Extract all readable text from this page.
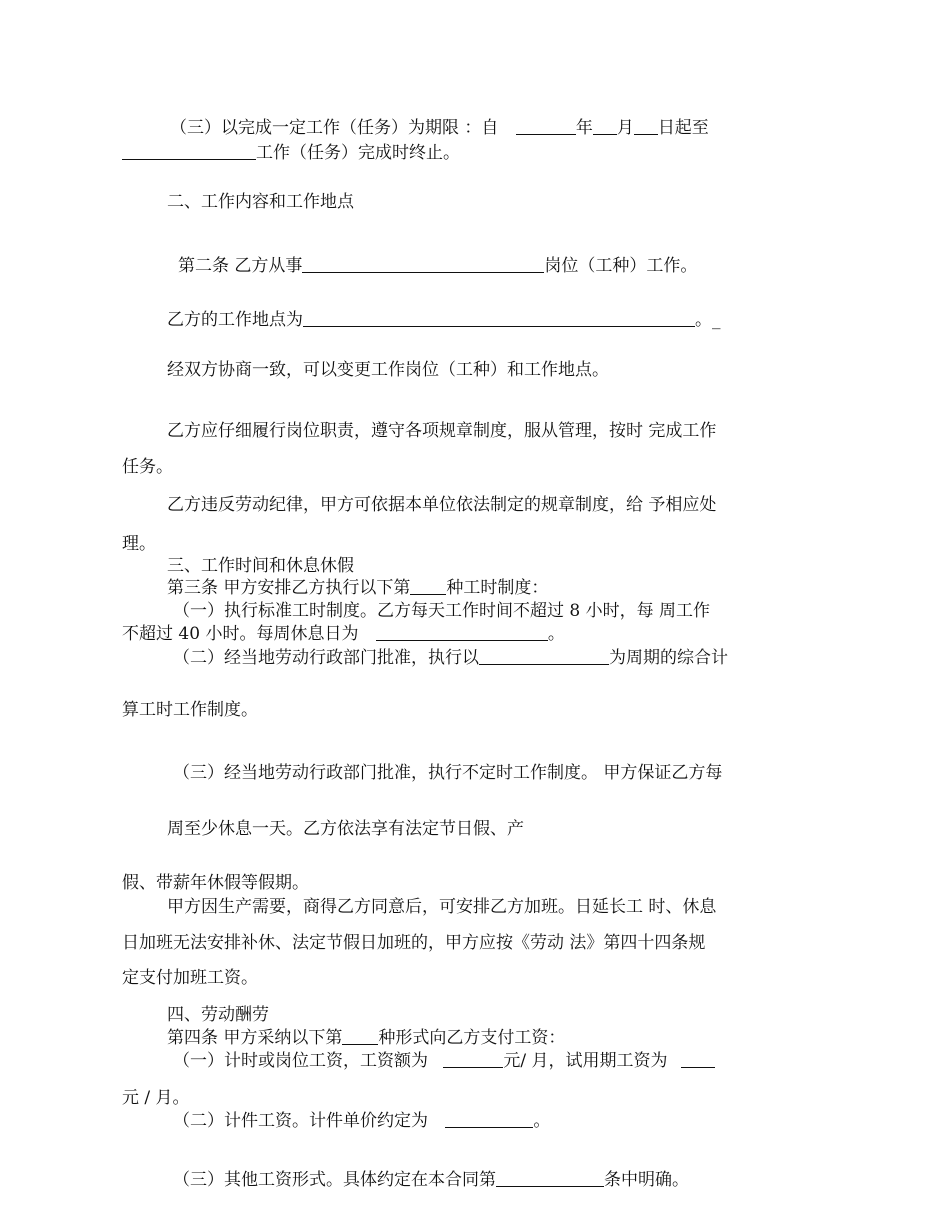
（三）以完成一定工作（任务）为期限 ：自	年 月 日起至
工作（任务）完成时终止。
二、工作内容和工作地点
第二条 乙方从事	岗位（工种）工作。
乙方的工作地点为	。_
经双方协商一致，可以变更工作岗位（工种）和工作地点。
乙方应仔细履行岗位职责，遵守各项规章制度，服从管理，按时 完成工作
任务。
乙方违反劳动纪律，甲方可依据本单位依法制定的规章制度，给 予相应处
理。
三、工作时间和休息休假
第三条 甲方安排乙方执行以下第 种工时制度：
（一）执行标准工时制度。乙方每天工作时间不超过 8 小时，每 周工作
不超过 40 小时。每周休息日为	。
（二）经当地劳动行政部门批准，执行以	为周期的综合计
算工时工作制度。
（三）经当地劳动行政部门批准，执行不定时工作制度。 甲方保证乙方每
周至少休息一天。乙方依法享有法定节日假、产
假、带薪年休假等假期。
甲方因生产需要，商得乙方同意后，可安排乙方加班。日延长工 时、休息
日加班无法安排补休、法定节假日加班的，甲方应按《劳动 法》第四十四条规
定支付加班工资。
四、劳动酬劳
第四条 甲方采纳以下第 种形式向乙方支付工资：
（一）计时或岗位工资，工资额为	元/ 月，试用期工资为
元 / 月。
（二）计件工资。计件单价约定为	。
（三）其他工资形式。具体约定在本合同第	条中明确。
